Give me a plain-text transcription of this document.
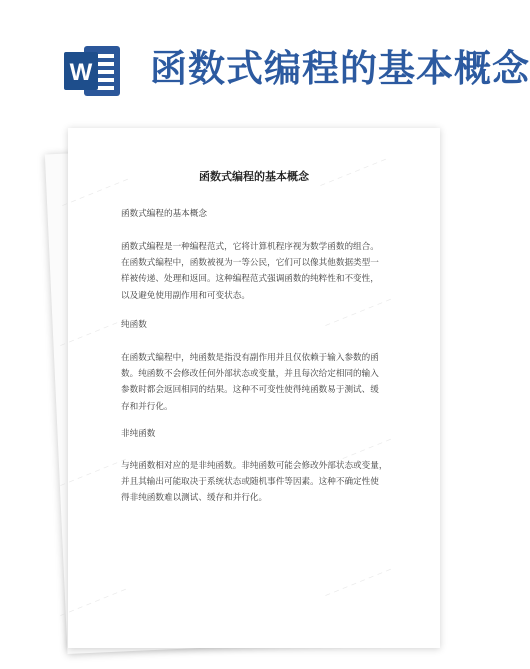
W 函数式编程的基本概念
─ ─ ─ ─ ─ ─ ─ ─
─ ─ ─ ─ ─ ─ ─ ─
─ ─ ─ ─ ─ ─ ─ ─
─ ─ ─ ─ ─ ─ ─ ─
─ ─ ─ ─ ─ ─ ─ ─
─ ─ ─ ─ ─ ─ ─ ─
─ ─ ─ ─ ─ ─ ─ ─
─ ─ ─ ─ ─ ─ ─ ─
函数式编程的基本概念
函数式编程的基本概念
函数式编程是一种编程范式，它将计算机程序视为数学函数的组合。
在函数式编程中，函数被视为一等公民，它们可以像其他数据类型一
样被传递、处理和返回。这种编程范式强调函数的纯粹性和不变性，
以及避免使用副作用和可变状态。
纯函数
在函数式编程中，纯函数是指没有副作用并且仅依赖于输入参数的函
数。纯函数不会修改任何外部状态或变量，并且每次给定相同的输入
参数时都会返回相同的结果。这种不可变性使得纯函数易于测试、缓
存和并行化。
非纯函数
与纯函数相对应的是非纯函数。非纯函数可能会修改外部状态或变量，
并且其输出可能取决于系统状态或随机事件等因素。这种不确定性使
得非纯函数难以测试、缓存和并行化。
